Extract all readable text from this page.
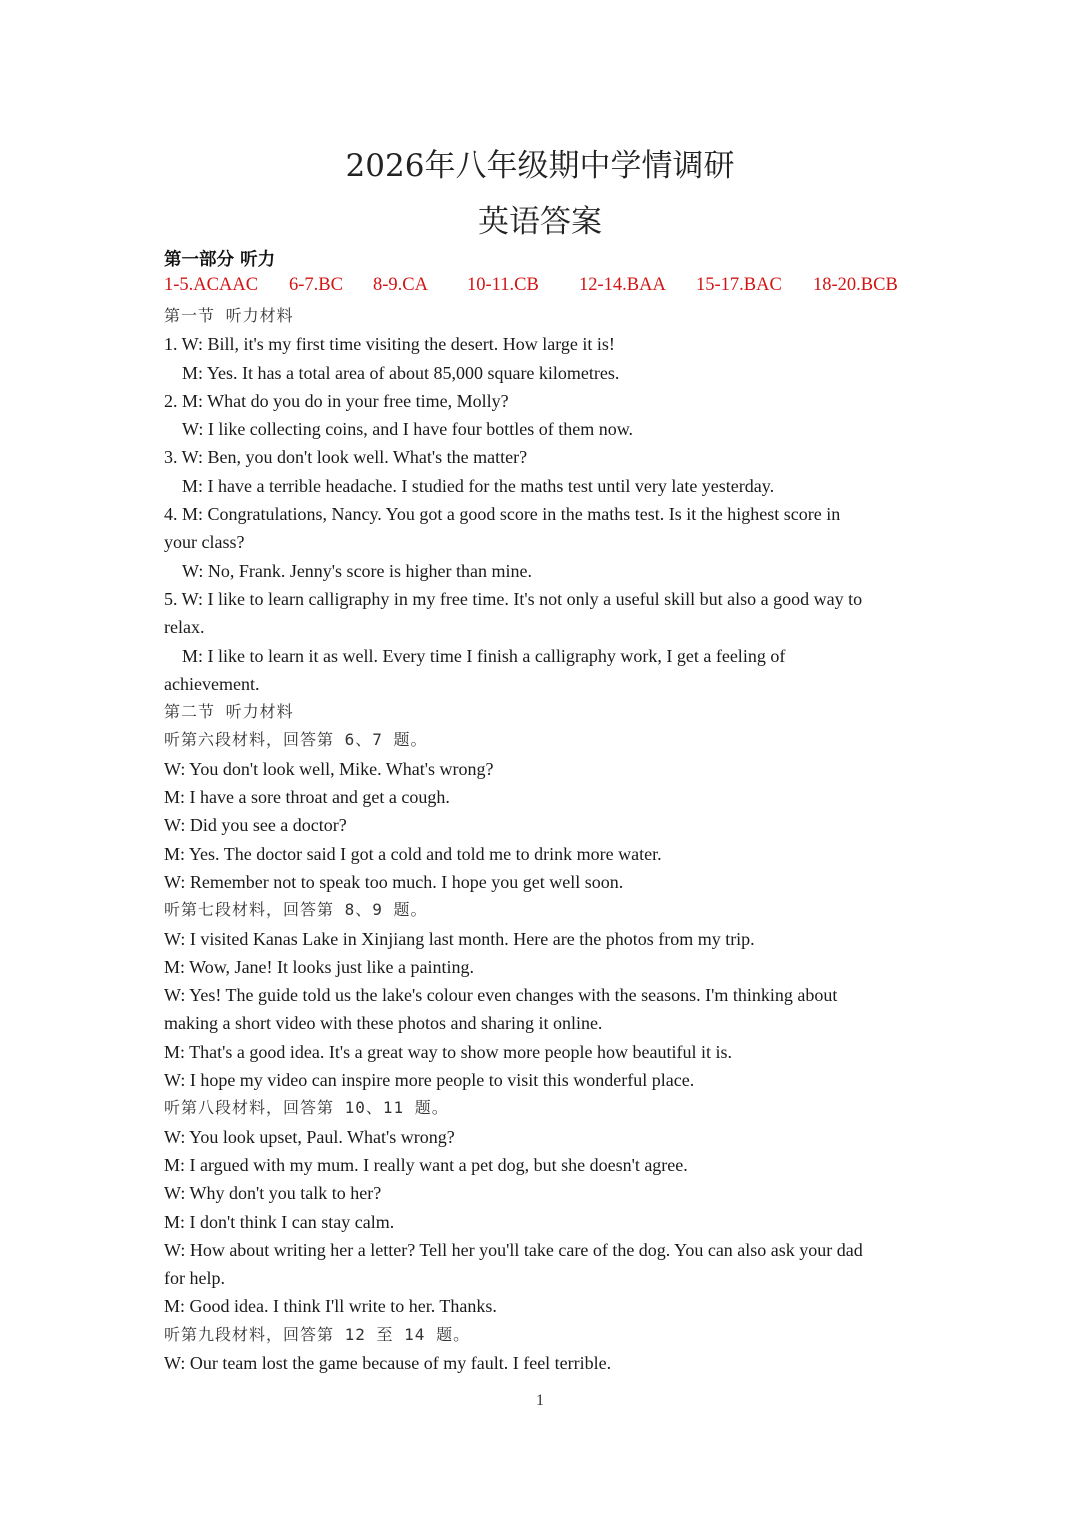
2026年八年级期中学情调研
英语答案
第一部分 听力
1-5.ACAAC 6-7.BC 8-9.CA 10-11.CB 12-14.BAA 15-17.BAC 18-20.BCB
第一节 听力材料
1. W: Bill, it's my first time visiting the desert. How large it is!
M: Yes. It has a total area of about 85,000 square kilometres.
2. M: What do you do in your free time, Molly?
W: I like collecting coins, and I have four bottles of them now.
3. W: Ben, you don't look well. What's the matter?
M: I have a terrible headache. I studied for the maths test until very late yesterday.
4. M: Congratulations, Nancy. You got a good score in the maths test. Is it the highest score in
your class?
W: No, Frank. Jenny's score is higher than mine.
5. W: I like to learn calligraphy in my free time. It's not only a useful skill but also a good way to
relax.
M: I like to learn it as well. Every time I finish a calligraphy work, I get a feeling of
achievement.
第二节 听力材料
听第六段材料，回答第 6、7 题。
W: You don't look well, Mike. What's wrong?
M: I have a sore throat and get a cough.
W: Did you see a doctor?
M: Yes. The doctor said I got a cold and told me to drink more water.
W: Remember not to speak too much. I hope you get well soon.
听第七段材料，回答第 8、9 题。
W: I visited Kanas Lake in Xinjiang last month. Here are the photos from my trip.
M: Wow, Jane! It looks just like a painting.
W: Yes! The guide told us the lake's colour even changes with the seasons. I'm thinking about
making a short video with these photos and sharing it online.
M: That's a good idea. It's a great way to show more people how beautiful it is.
W: I hope my video can inspire more people to visit this wonderful place.
听第八段材料，回答第 10、11 题。
W: You look upset, Paul. What's wrong?
M: I argued with my mum. I really want a pet dog, but she doesn't agree.
W: Why don't you talk to her?
M: I don't think I can stay calm.
W: How about writing her a letter? Tell her you'll take care of the dog. You can also ask your dad
for help.
M: Good idea. I think I'll write to her. Thanks.
听第九段材料，回答第 12 至 14 题。
W: Our team lost the game because of my fault. I feel terrible.
1
